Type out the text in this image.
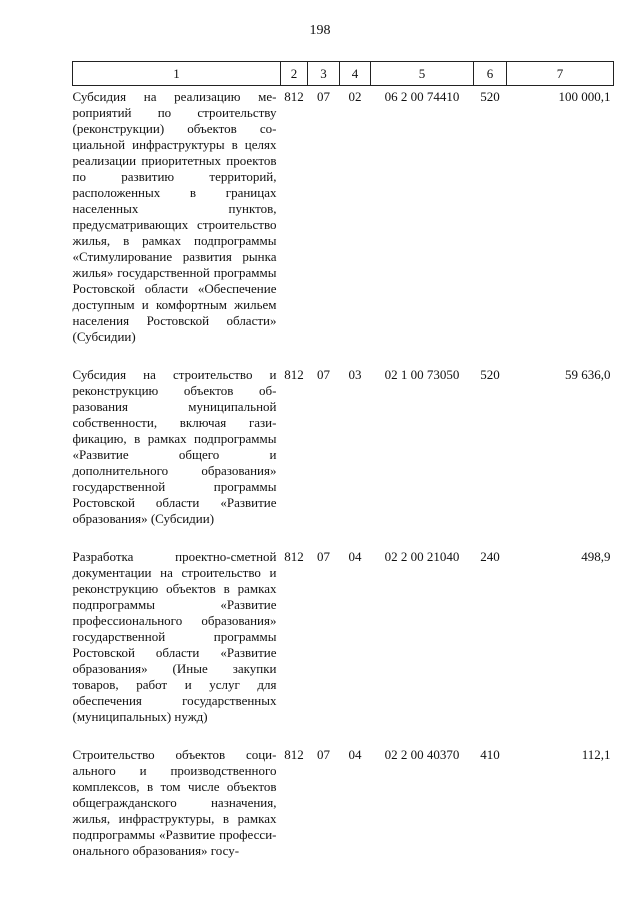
198
1	2	3	4	5	6	7
Субсидия на реализацию мероприятий по строительству (реконструкции) объектов социальной инфраструктуры в целях реализации приоритетных проектов по развитию территорий, расположенных в границах населенных пунктов, предусматривающих строительство жилья, в рамках подпрограммы «Стимулирование развития рынка жилья» государственной программы Ростовской области «Обеспечение доступным и комфортным жильем населения Ростовской области» (Субсидии)	812	07	02	06 2 00 74410	520	100 000,1
Субсидия на строительство и реконструкцию объектов образования муниципальной собственности, включая газификацию, в рамках подпрограммы «Развитие общего и дополнительного образования» государственной программы Ростовской области «Развитие образования» (Субсидии)	812	07	03	02 1 00 73050	520	59 636,0
Разработка проектно-сметной документации на строительство и реконструкцию объектов в рамках подпрограммы «Развитие профессионального образования» государственной программы Ростовской области «Развитие образования» (Иные закупки товаров, работ и услуг для обеспечения государственных (муниципальных) нужд)	812	07	04	02 2 00 21040	240	498,9
Строительство объектов социального и производственного комплексов, в том числе объектов общегражданского назначения, жилья, инфраструктуры, в рамках подпрограммы «Развитие профессионального образования» госу-	812	07	04	02 2 00 40370	410	112,1
